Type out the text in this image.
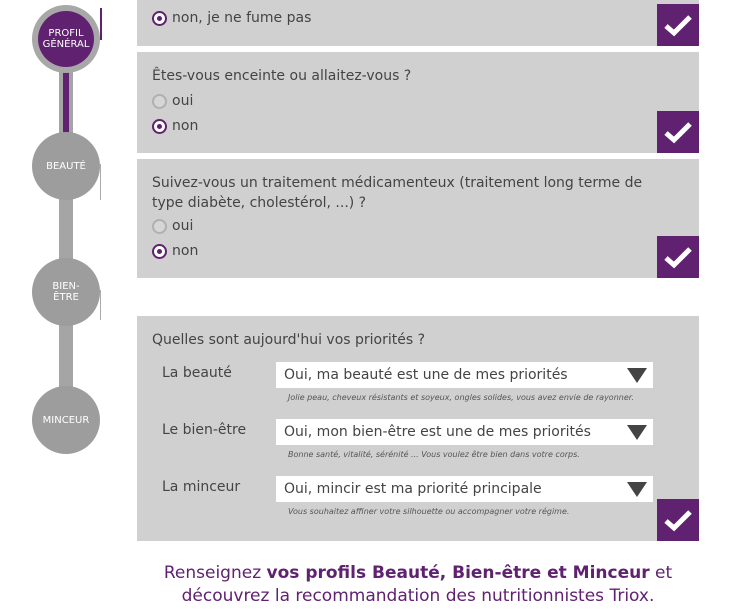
PROFIL
GÉNÉRAL
BEAUTÉ
BIEN-ÊTRE
MINCEUR
non, je ne fume pas
Êtes-vous enceinte ou allaitez-vous ?
oui
non
Suivez-vous un traitement médicamenteux (traitement long terme de type diabète, cholestérol, ...) ?
oui
non
Quelles sont aujourd'hui vos priorités ?
La beauté	Oui, ma beauté est une de mes priorités
Jolie peau, cheveux résistants et soyeux, ongles solides, vous avez envie de rayonner.
Le bien-être	Oui, mon bien-être est une de mes priorités
Bonne santé, vitalité, sérénité ... Vous voulez être bien dans votre corps.
La minceur	Oui, mincir est ma priorité principale
Vous souhaitez affiner votre silhouette ou accompagner votre régime.
Renseignez vos profils Beauté, Bien-être et Minceur et découvrez la recommandation des nutritionnistes Triox.
